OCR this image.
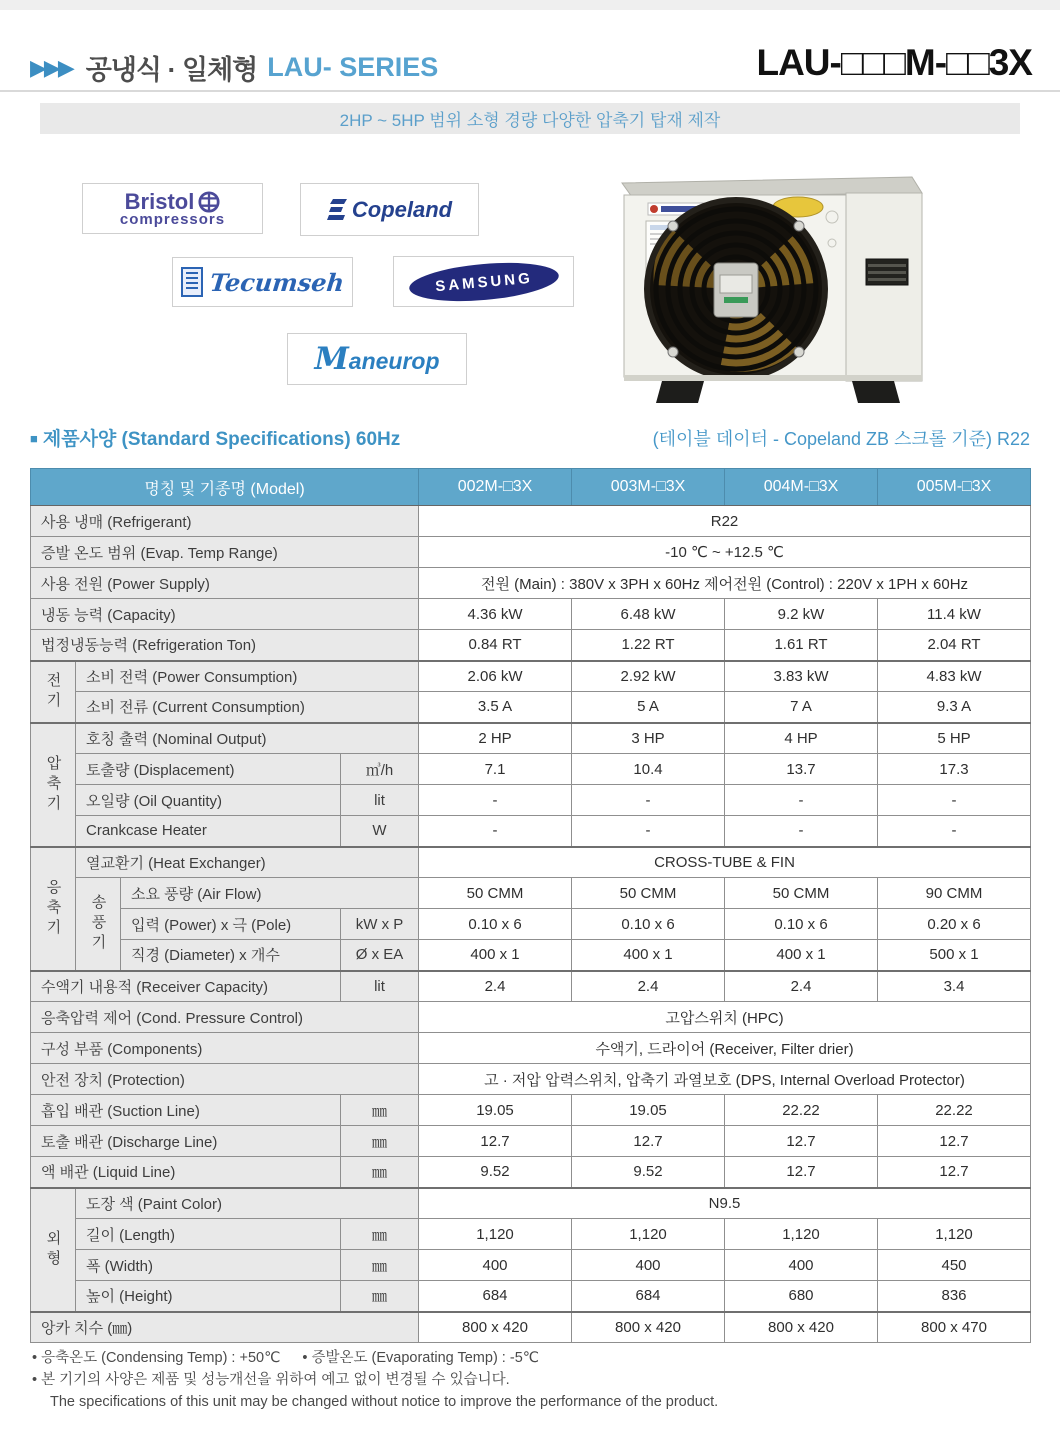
▶▶▶ 공냉식 · 일체형 LAU- SERIES	LAU-□□□M-□□3X
2HP ~ 5HP 범위 소형 경량 다양한 압축기 탑재 제작
Bristol
compressors	Copeland
Tecumseh	SAMSUNG
Maneurop
■ 제품사양 (Standard Specifications) 60Hz	(테이블 데이터 - Copeland ZB 스크롤 기준) R22
명칭 및 기종명 (Model)				002M-□3X	003M-□3X	004M-□3X	005M-□3X
사용 냉매 (Refrigerant)				R22			
증발 온도 범위 (Evap. Temp Range)				-10 ℃ ~ +12.5 ℃			
사용 전원 (Power Supply)				전원 (Main) : 380V x 3PH x 60Hz 제어전원 (Control) : 220V x 1PH x 60Hz			
냉동 능력 (Capacity)				4.36 kW	6.48 kW	9.2 kW	11.4 kW
법정냉동능력 (Refrigeration Ton)				0.84 RT	1.22 RT	1.61 RT	2.04 RT
전기	소비 전력 (Power Consumption)			2.06 kW	2.92 kW	3.83 kW	4.83 kW
	소비 전류 (Current Consumption)			3.5 A	5 A	7 A	9.3 A
압축기	호칭 출력 (Nominal Output)			2 HP	3 HP	4 HP	5 HP
	토출량 (Displacement)		㎥/h	7.1	10.4	13.7	17.3
	오일량 (Oil Quantity)		lit	-	-	-	-
	Crankcase Heater		W	-	-	-	-
응축기	열교환기 (Heat Exchanger)			CROSS-TUBE & FIN			
	송풍기	소요 풍량 (Air Flow)		50 CMM	50 CMM	50 CMM	90 CMM
		입력 (Power) x 극 (Pole)	kW x P	0.10 x 6	0.10 x 6	0.10 x 6	0.20 x 6
		직경 (Diameter) x 개수	Ø x EA	400 x 1	400 x 1	400 x 1	500 x 1
수액기 내용적 (Receiver Capacity)			lit	2.4	2.4	2.4	3.4
응축압력 제어 (Cond. Pressure Control)				고압스위치 (HPC)			
구성 부품 (Components)				수액기, 드라이어 (Receiver, Filter drier)			
안전 장치 (Protection)				고 · 저압 압력스위치, 압축기 과열보호 (DPS, Internal Overload Protector)			
흡입 배관 (Suction Line)			㎜	19.05	19.05	22.22	22.22
토출 배관 (Discharge Line)			㎜	12.7	12.7	12.7	12.7
액 배관 (Liquid Line)			㎜	9.52	9.52	12.7	12.7
외형	도장 색 (Paint Color)			N9.5			
	길이 (Length)		㎜	1,120	1,120	1,120	1,120
	폭 (Width)		㎜	400	400	400	450
	높이 (Height)		㎜	684	684	680	836
앙카 치수 (㎜)				800 x 420	800 x 420	800 x 420	800 x 470
• 응축온도 (Condensing Temp) : +50℃ • 증발온도 (Evaporating Temp) : -5℃
• 본 기기의 사양은 제품 및 성능개선을 위하여 예고 없이 변경될 수 있습니다.
The specifications of this unit may be changed without notice to improve the performance of the product.
